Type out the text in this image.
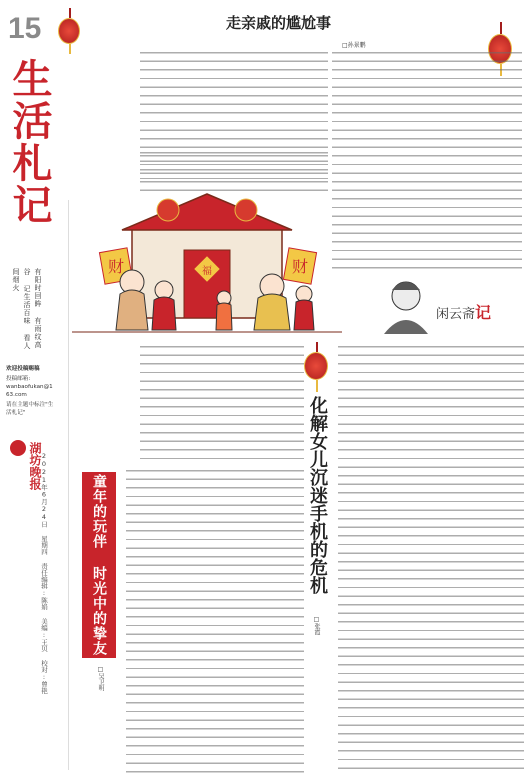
15
生活札记
有阳时回眸 有雨纹高谷 记生活百味 看人间烟火
欢迎投稿赐稿
投稿邮箱:
wanbaofukan@163.com
请在主题中标注"生活札记"
湖坊晚报
2021年6月24日 星期四 责任编辑:陈娟 美编:王贝 校对:曾艳
走亲戚的尴尬事
□孙景鹏
福
财	财
闲云斋记
童年的玩伴 时光中的挚友
□吴卫明
化解女儿沉迷手机的危机
□张霞
